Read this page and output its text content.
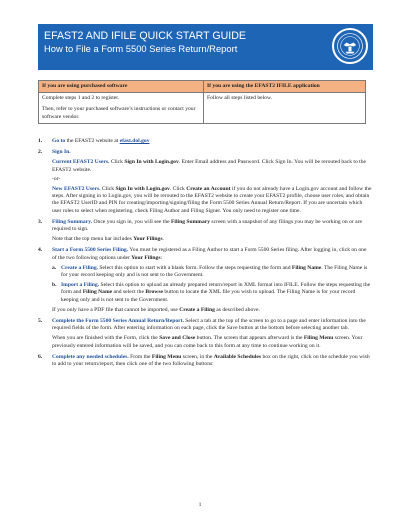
EFAST2 AND IFILE QUICK START GUIDE
How to File a Form 5500 Series Return/Report
If you are using purchased software	If you are using the EFAST2 IFILE application

Complete steps 1 and 2 to register.

Then, refer to your purchased software’s instructions or contact your software vendor.	Follow all steps listed below.

1. Go to the EFAST2 website at efast.dol.gov
2. Sign In.
Current EFAST2 Users. Click Sign In with Login.gov. Enter Email address and Password. Click Sign In. You will be rerouted back to the EFAST2 website.
-or-
New EFAST2 Users. Click Sign In with Login.gov. Click Create an Account if you do not already have a Login.gov account and follow the steps. After signing in to Login.gov, you will be rerouted to the EFAST2 website to create your EFAST2 profile, choose user roles, and obtain the EFAST2 UserID and PIN for creating/importing/signing/filing the Form 5500 Series Annual Return/Report. If you are uncertain which user roles to select when registering, check Filing Author and Filing Signer. You only need to register one time.
3. Filing Summary. Once you sign in, you will see the Filing Summary screen with a snapshot of any filings you may be working on or are required to sign.
Note that the top menu bar includes Your Filings.
4. Start a Form 5500 Series Filing. You must be registered as a Filing Author to start a Form 5500 Series filing. After logging in, click on one of the two following options under Your Filings:
a. Create a Filing. Select this option to start with a blank form. Follow the steps requesting the form and Filing Name. The Filing Name is for your record keeping only and is not sent to the Government.
b. Import a Filing. Select this option to upload an already prepared return/report in XML format into IFILE. Follow the steps requesting the form and Filing Name and select the Browse button to locate the XML file you wish to upload. The Filing Name is for your record keeping only and is not sent to the Government.
If you only have a PDF file that cannot be imported, use Create a Filing as described above.
5. Complete the Form 5500 Series Annual Return/Report. Select a tab at the top of the screen to go to a page and enter information into the required fields of the form. After entering information on each page, click the Save button at the bottom before selecting another tab.
When you are finished with the Form, click the Save and Close button. The screen that appears afterward is the Filing Menu screen. Your previously entered information will be saved, and you can come back to this form at any time to continue working on it.
6. Complete any needed schedules. From the Filing Menu screen, in the Available Schedules box on the right, click on the schedule you wish to add to your return/report, then click one of the two following buttons:
1
